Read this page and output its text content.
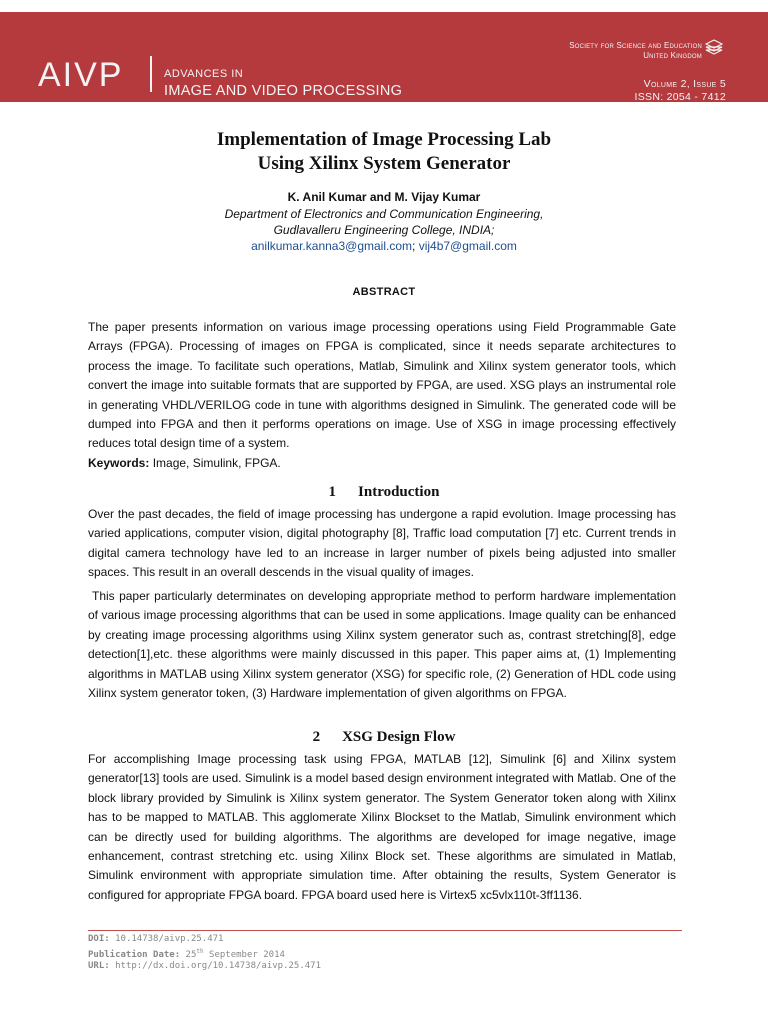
AIVP	ADVANCES IN
IMAGE AND VIDEO PROCESSING
Society for Science and Education
United Kingdom
Volume 2, Issue 5
ISSN: 2054 - 7412
Implementation of Image Processing Lab
Using Xilinx System Generator
K. Anil Kumar and M. Vijay Kumar
Department of Electronics and Communication Engineering,
Gudlavalleru Engineering College, INDIA;
anilkumar.kanna3@gmail.com; vij4b7@gmail.com
ABSTRACT

The paper presents information on various image processing operations using Field Programmable Gate Arrays (FPGA). Processing of images on FPGA is complicated, since it needs separate architectures to process the image. To facilitate such operations, Matlab, Simulink and Xilinx system generator tools, which convert the image into suitable formats that are supported by FPGA, are used. XSG plays an instrumental role in generating VHDL/VERILOG code in tune with algorithms designed in Simulink. The generated code will be dumped into FPGA and then it performs operations on image. Use of XSG in image processing effectively reduces total design time of a system.

Keywords: Image, Simulink, FPGA.
1 Introduction

Over the past decades, the field of image processing has undergone a rapid evolution. Image processing has varied applications, computer vision, digital photography [8], Traffic load computation [7] etc. Current trends in digital camera technology have led to an increase in larger number of pixels being adjusted into smaller spaces. This result in an overall descends in the visual quality of images.

This paper particularly determinates on developing appropriate method to perform hardware implementation of various image processing algorithms that can be used in some applications. Image quality can be enhanced by creating image processing algorithms using Xilinx system generator such as, contrast stretching[8], edge detection[1],etc. these algorithms were mainly discussed in this paper. This paper aims at, (1) Implementing algorithms in MATLAB using Xilinx system generator (XSG) for specific role, (2) Generation of HDL code using Xilinx system generator token, (3) Hardware implementation of given algorithms on FPGA.

2 XSG Design Flow

For accomplishing Image processing task using FPGA, MATLAB [12], Simulink [6] and Xilinx system generator[13] tools are used. Simulink is a model based design environment integrated with Matlab. One of the block library provided by Simulink is Xilinx system generator. The System Generator token along with Xilinx has to be mapped to MATLAB. This agglomerate Xilinx Blockset to the Matlab, Simulink environment which can be directly used for building algorithms. The algorithms are developed for image negative, image enhancement, contrast stretching etc. using Xilinx Block set. These algorithms are simulated in Matlab, Simulink environment with appropriate simulation time. After obtaining the results, System Generator is configured for appropriate FPGA board. FPGA board used here is Virtex5 xc5vlx110t-3ff1136.

DOI: 10.14738/aivp.25.471
Publication Date: 25th September 2014
URL: http://dx.doi.org/10.14738/aivp.25.471
